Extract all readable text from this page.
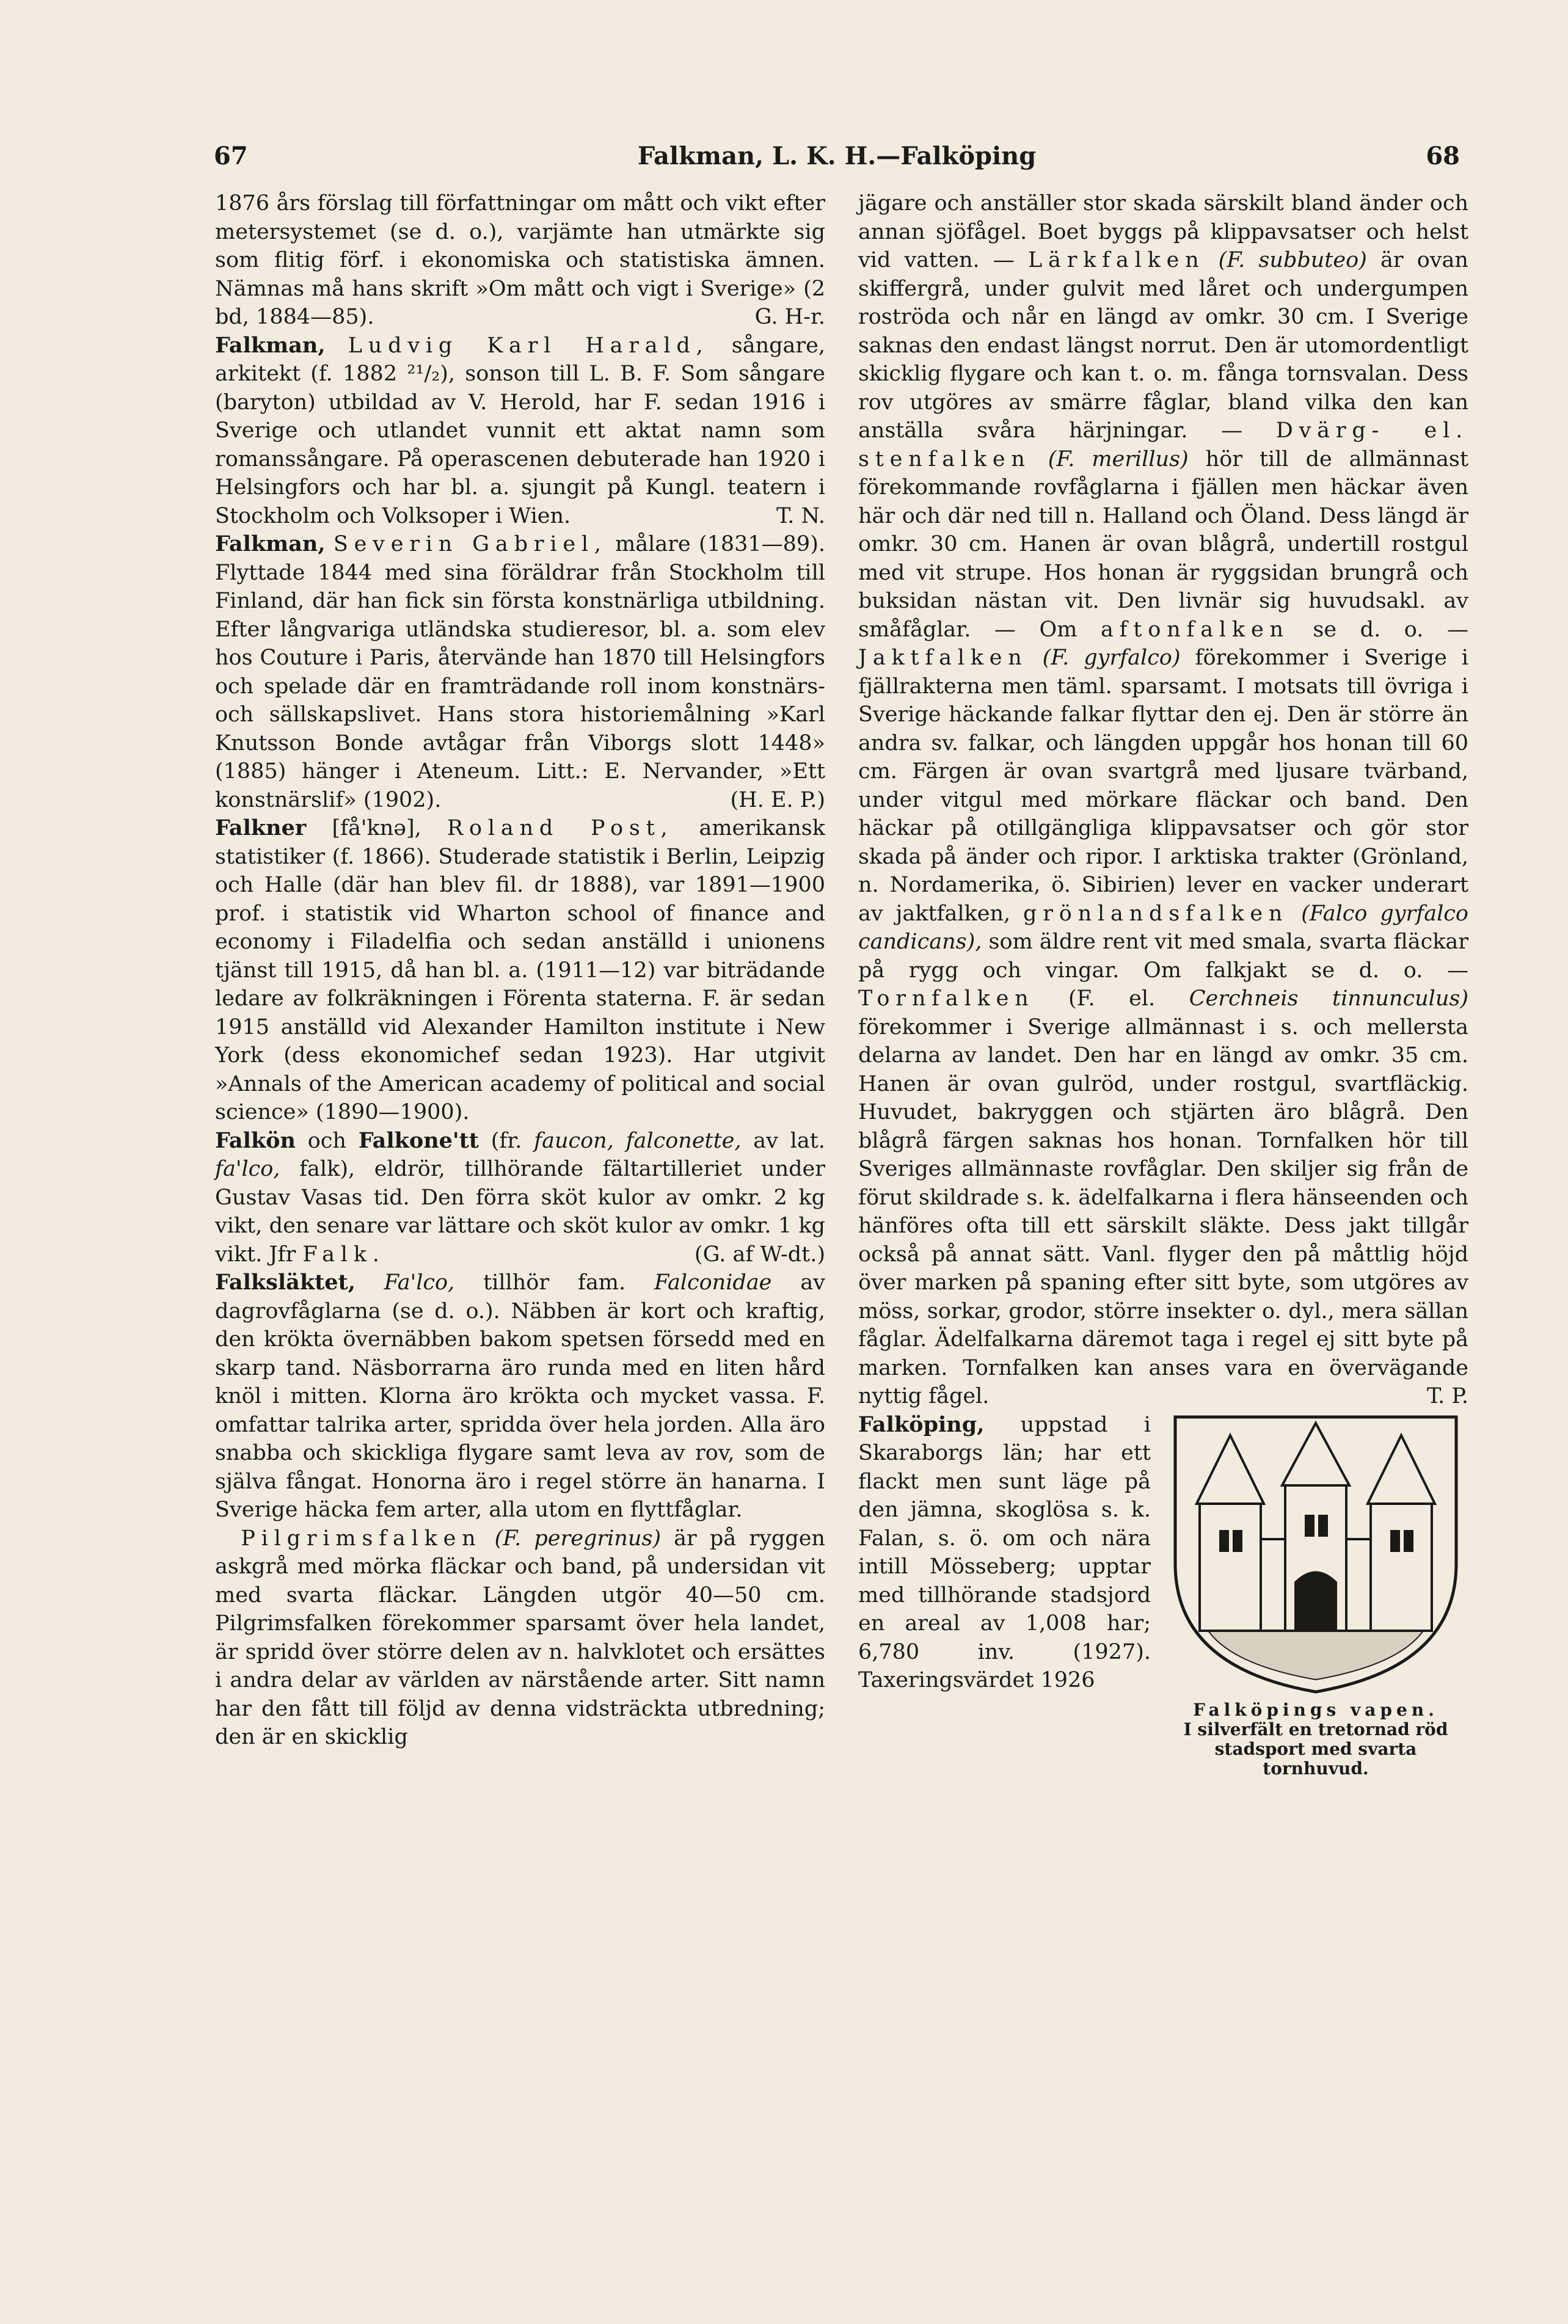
67	Falkman, L. K. H.—Falköping	68

1876 års förslag till författningar om mått och vikt efter metersystemet (se d. o.), varjämte han utmärkte sig som flitig förf. i ekonomiska och statistiska ämnen. Nämnas må hans skrift »Om mått och vigt i Sverige» (2 bd, 1884—85).	G. H-r.

Falkman, Ludvig Karl Harald, sångare, arkitekt (f. 1882 ²¹/₂), sonson till L. B. F. Som sångare (baryton) utbildad av V. Herold, har F. sedan 1916 i Sverige och utlandet vunnit ett aktat namn som romanssångare. På operascenen debuterade han 1920 i Helsingfors och har bl. a. sjungit på Kungl. teatern i Stockholm och Volksoper i Wien.	T. N.

Falkman, Severin Gabriel, målare (1831—89). Flyttade 1844 med sina föräldrar från Stockholm till Finland, där han fick sin första konstnärliga utbildning. Efter långvariga utländska studieresor, bl. a. som elev hos Couture i Paris, återvände han 1870 till Helsingfors och spelade där en framträdande roll inom konstnärs- och sällskapslivet. Hans stora historiemålning »Karl Knutsson Bonde avtågar från Viborgs slott 1448» (1885) hänger i Ateneum. Litt.: E. Nervander, »Ett konstnärslif» (1902).	(H. E. P.)

Falkner [få'knə], Roland Post, amerikansk statistiker (f. 1866). Studerade statistik i Berlin, Leipzig och Halle (där han blev fil. dr 1888), var 1891—1900 prof. i statistik vid Wharton school of finance and economy i Filadelfia och sedan anställd i unionens tjänst till 1915, då han bl. a. (1911—12) var biträdande ledare av folkräkningen i Förenta staterna. F. är sedan 1915 anställd vid Alexander Hamilton institute i New York (dess ekonomichef sedan 1923). Har utgivit »Annals of the American academy of political and social science» (1890—1900).

Falkön och Falkone'tt (fr. faucon, falconette, av lat. fa'lco, falk), eldrör, tillhörande fältartilleriet under Gustav Vasas tid. Den förra sköt kulor av omkr. 2 kg vikt, den senare var lättare och sköt kulor av omkr. 1 kg vikt. Jfr Falk.	(G. af W-dt.)

Falksläktet, Fa'lco, tillhör fam. Falconidae av dagrovfåglarna (se d. o.). Näbben är kort och kraftig, den krökta övernäbben bakom spetsen försedd med en skarp tand. Näsborrarna äro runda med en liten hård knöl i mitten. Klorna äro krökta och mycket vassa. F. omfattar talrika arter, spridda över hela jorden. Alla äro snabba och skickliga flygare samt leva av rov, som de själva fångat. Honorna äro i regel större än hanarna. I Sverige häcka fem arter, alla utom en flyttfåglar.

Pilgrimsfalken (F. peregrinus) är på ryggen askgrå med mörka fläckar och band, på undersidan vit med svarta fläckar. Längden utgör 40—50 cm. Pilgrimsfalken förekommer sparsamt över hela landet, är spridd över större delen av n. halvklotet och ersättes i andra delar av världen av närstående arter. Sitt namn har den fått till följd av denna vidsträckta utbredning; den är en skicklig

jägare och anställer stor skada särskilt bland änder och annan sjöfågel. Boet byggs på klippavsatser och helst vid vatten. — Lärkfalken (F. subbuteo) är ovan skiffergrå, under gulvit med låret och undergumpen roströda och når en längd av omkr. 30 cm. I Sverige saknas den endast längst norrut. Den är utomordentligt skicklig flygare och kan t. o. m. fånga tornsvalan. Dess rov utgöres av smärre fåglar, bland vilka den kan anställa svåra härjningar. — Dvärg- el. stenfalken (F. merillus) hör till de allmännast förekommande rovfåglarna i fjällen men häckar även här och där ned till n. Halland och Öland. Dess längd är omkr. 30 cm. Hanen är ovan blågrå, undertill rostgul med vit strupe. Hos honan är ryggsidan brungrå och buksidan nästan vit. Den livnär sig huvudsakl. av småfåglar. — Om aftonfalken se d. o. — Jaktfalken (F. gyrfalco) förekommer i Sverige i fjällrakterna men täml. sparsamt. I motsats till övriga i Sverige häckande falkar flyttar den ej. Den är större än andra sv. falkar, och längden uppgår hos honan till 60 cm. Färgen är ovan svartgrå med ljusare tvärband, under vitgul med mörkare fläckar och band. Den häckar på otillgängliga klippavsatser och gör stor skada på änder och ripor. I arktiska trakter (Grönland, n. Nordamerika, ö. Sibirien) lever en vacker underart av jaktfalken, grönlandsfalken (Falco gyrfalco candicans), som äldre rent vit med smala, svarta fläckar på rygg och vingar. Om falkjakt se d. o. — Tornfalken (F. el. Cerchneis tinnunculus) förekommer i Sverige allmännast i s. och mellersta delarna av landet. Den har en längd av omkr. 35 cm. Hanen är ovan gulröd, under rostgul, svartfläckig. Huvudet, bakryggen och stjärten äro blågrå. Den blågrå färgen saknas hos honan. Tornfalken hör till Sveriges allmännaste rovfåglar. Den skiljer sig från de förut skildrade s. k. ädelfalkarna i flera hänseenden och hänföres ofta till ett särskilt släkte. Dess jakt tillgår också på annat sätt. Vanl. flyger den på måttlig höjd över marken på spaning efter sitt byte, som utgöres av möss, sorkar, grodor, större insekter o. dyl., mera sällan fåglar. Ädelfalkarna däremot taga i regel ej sitt byte på marken. Tornfalken kan anses vara en övervägande nyttig fågel.	T. P.

Falköpings vapen.
I silverfält en tretornad röd stadsport med svarta tornhuvud.

Falköping, uppstad i Skaraborgs län; har ett flackt men sunt läge på den jämna, skoglösa s. k. Falan, s. ö. om och nära intill Mösseberg; upptar med tillhörande stadsjord en areal av 1,008 har; 6,780 inv. (1927). Taxeringsvärdet 1926
